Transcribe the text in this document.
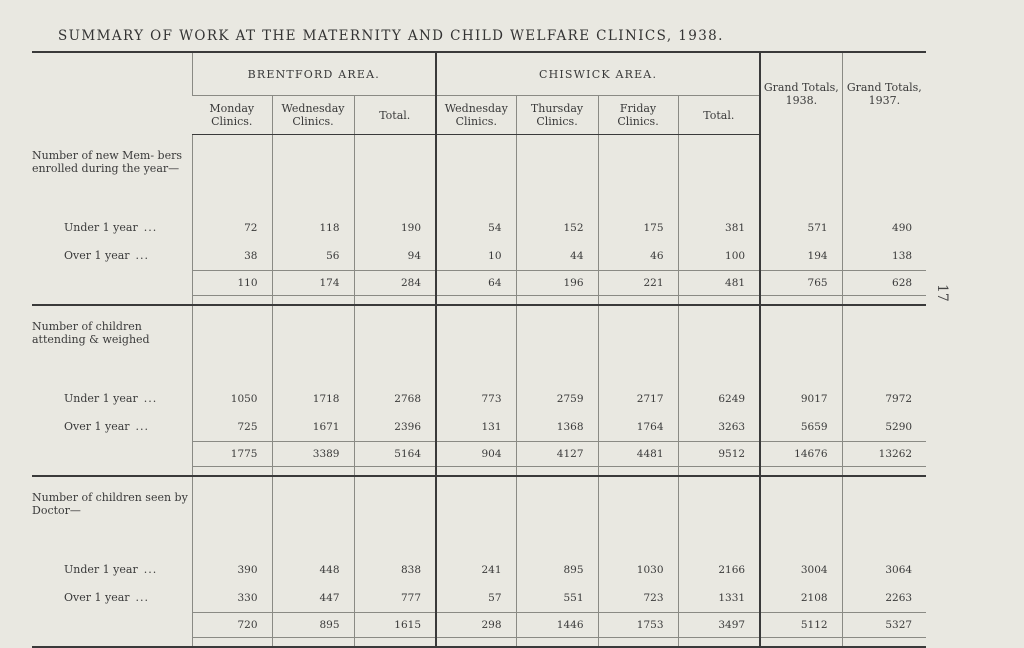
SUMMARY OF WORK AT THE MATERNITY AND CHILD WELFARE CLINICS, 1938.
17
	BRENTFORD AREA.			CHISWICK AREA.				Grand Totals, 1938.	Grand Totals, 1937.
	Monday Clinics.	Wednesday Clinics.	Total.	Wednesday Clinics.	Thursday Clinics.	Friday Clinics.	Total.		
Number of new Mem- bers enrolled during the year—									
Under 1 year ...	72	118	190	54	152	175	381	571	490
Over 1 year ...	38	56	94	10	44	46	100	194	138
	110	174	284	64	196	221	481	765	628

Number of children attending & weighed									
Under 1 year ...	1050	1718	2768	773	2759	2717	6249	9017	7972
Over 1 year ...	725	1671	2396	131	1368	1764	3263	5659	5290
	1775	3389	5164	904	4127	4481	9512	14676	13262

Number of children seen by Doctor—									
Under 1 year ...	390	448	838	241	895	1030	2166	3004	3064
Over 1 year ...	330	447	777	57	551	723	1331	2108	2263
	720	895	1615	298	1446	1753	3497	5112	5327
